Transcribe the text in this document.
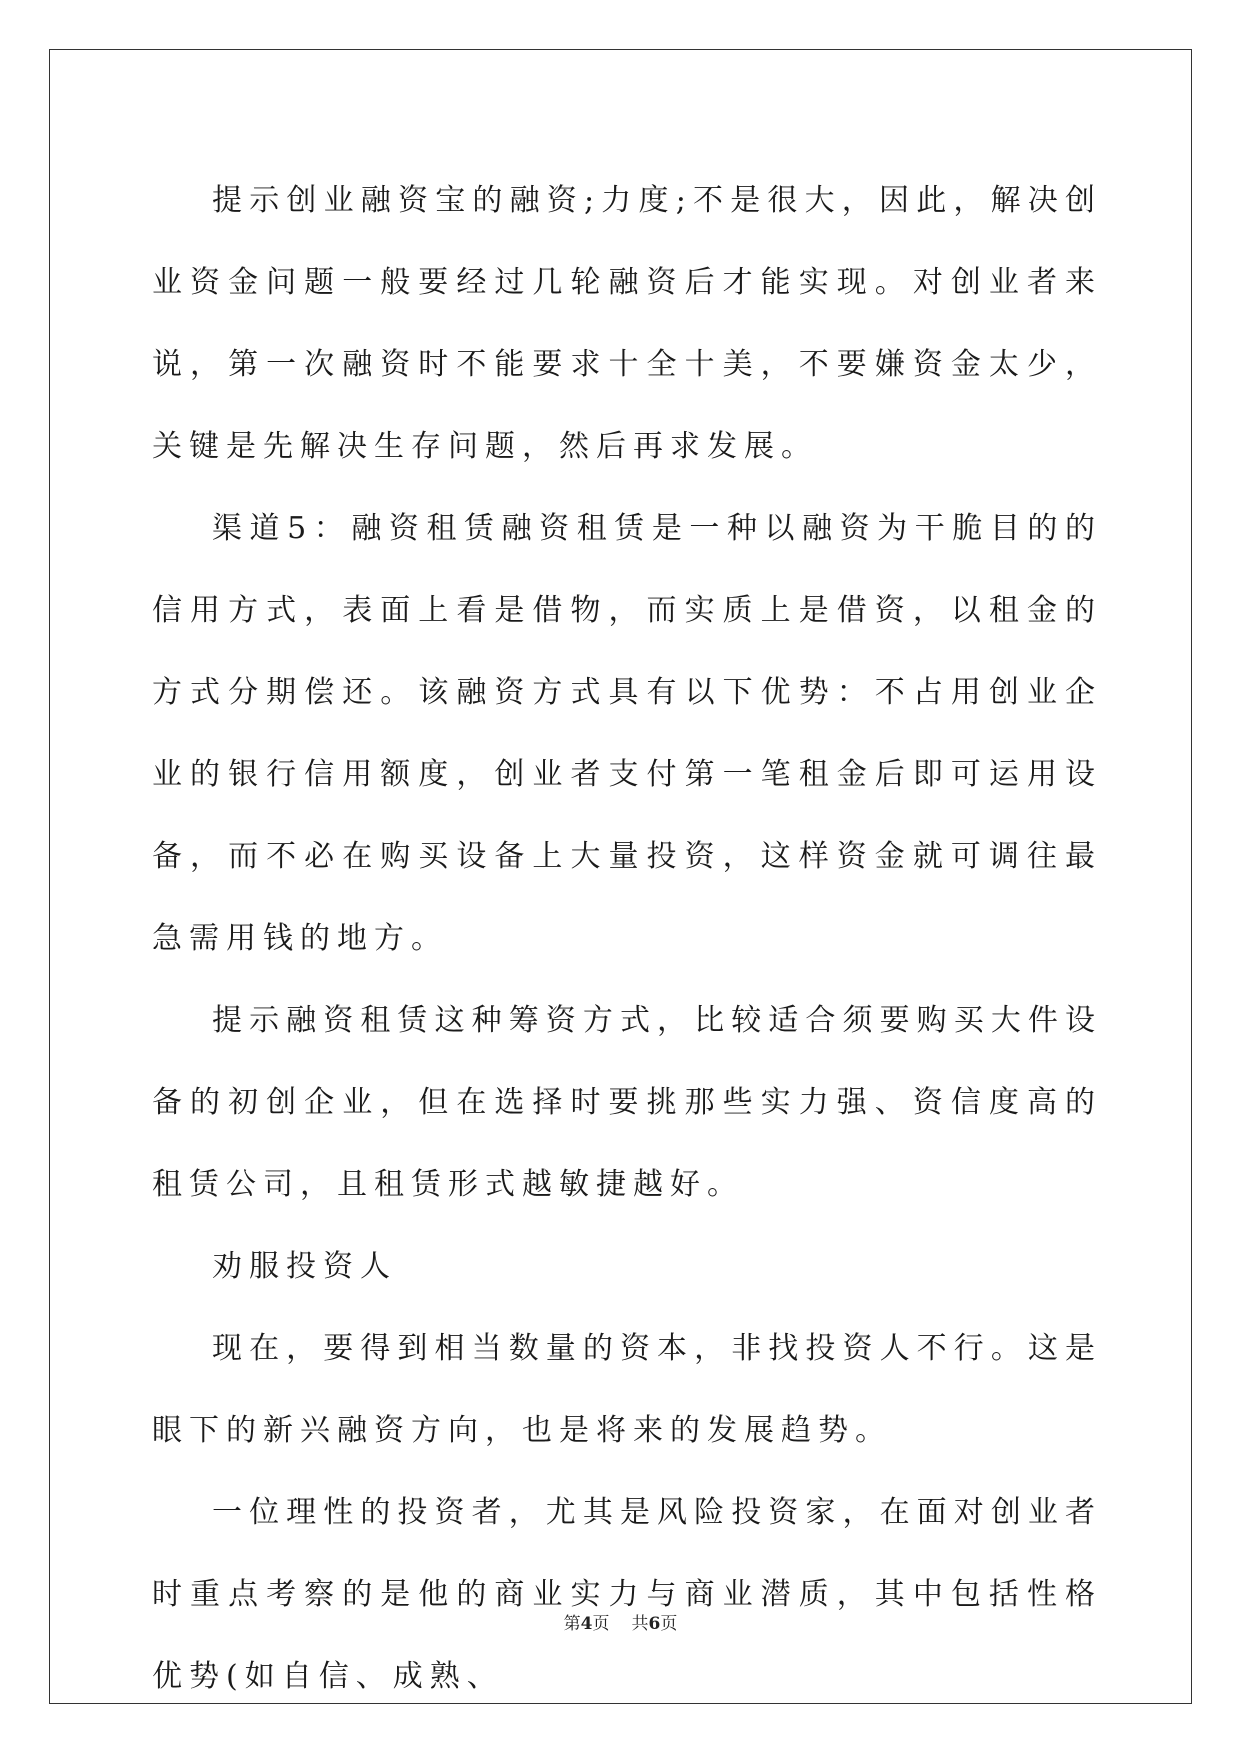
提示创业融资宝的融资;力度;不是很大，因此，解决创业资金问题一般要经过几轮融资后才能实现。对创业者来说，第一次融资时不能要求十全十美，不要嫌资金太少，关键是先解决生存问题，然后再求发展。

渠道5：融资租赁融资租赁是一种以融资为干脆目的的信用方式，表面上看是借物，而实质上是借资，以租金的方式分期偿还。该融资方式具有以下优势：不占用创业企业的银行信用额度，创业者支付第一笔租金后即可运用设备，而不必在购买设备上大量投资，这样资金就可调往最急需用钱的地方。

提示融资租赁这种筹资方式，比较适合须要购买大件设备的初创企业，但在选择时要挑那些实力强、资信度高的租赁公司，且租赁形式越敏捷越好。

劝服投资人

现在，要得到相当数量的资本，非找投资人不行。这是眼下的新兴融资方向，也是将来的发展趋势。

一位理性的投资者，尤其是风险投资家，在面对创业者时重点考察的是他的商业实力与商业潜质，其中包括性格优势(如自信、成熟、

第4页 共6页
